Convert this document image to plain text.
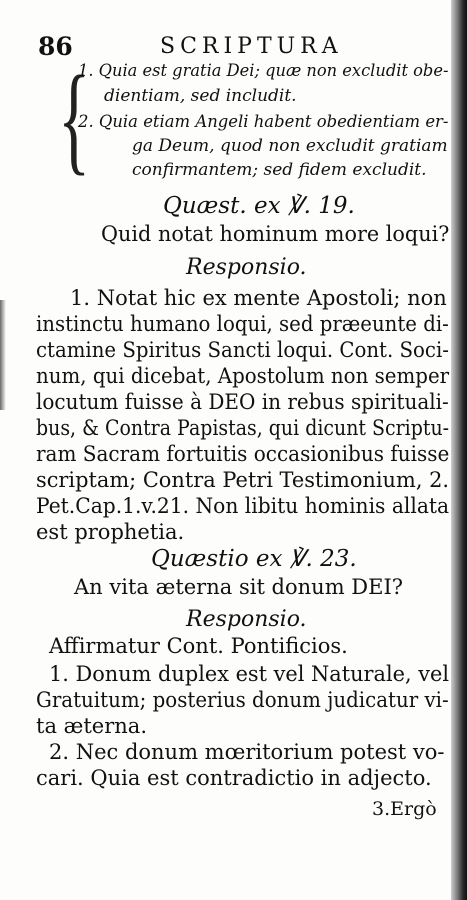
86	SCRIPTURA
{
1. Quia est gratia Dei; quæ non excludit obe-
dientiam, sed includit.
2. Quia etiam Angeli habent obedientiam er-
ga Deum, quod non excludit gratiam
confirmantem; sed fidem excludit.
Quæst. ex ℣. 19.
Quid notat hominum more loqui?
Responsio.
1. Notat hic ex mente Apostoli; non
instinctu humano loqui, sed præeunte di-
ctamine Spiritus Sancti loqui. Cont. Soci-
num, qui dicebat, Apostolum non semper
locutum fuisse à DEO in rebus spirituali-
bus, & Contra Papistas, qui dicunt Scriptu-
ram Sacram fortuitis occasionibus fuisse
scriptam; Contra Petri Testimonium, 2.
Pet.Cap.1.v.21. Non libitu hominis allata
est prophetia.
Quæstio ex ℣. 23.
An vita æterna sit donum DEI?
Responsio.
Affirmatur Cont. Pontificios.
1. Donum duplex est vel Naturale, vel
Gratuitum; posterius donum judicatur vi-
ta æterna.
2. Nec donum mœritorium potest vo-
cari. Quia est contradictio in adjecto.
3.Ergò
